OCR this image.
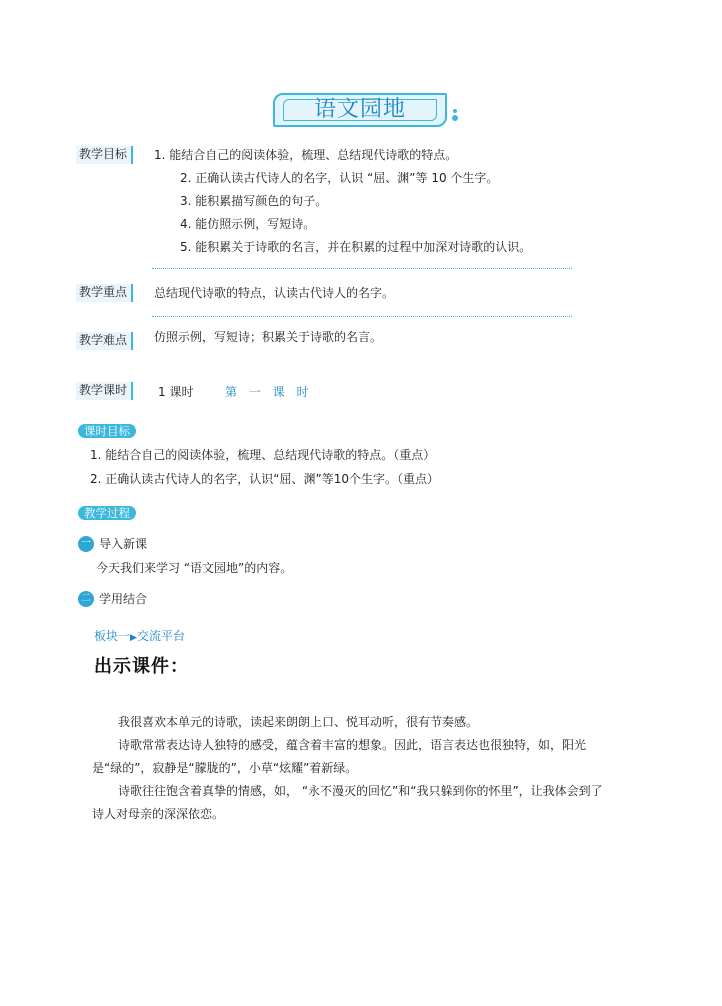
语文园地
教学目标	1. 能结合自己的阅读体验，梳理、总结现代诗歌的特点。
2. 正确认读古代诗人的名字，认识 “屈、渊”等 10 个生字。
3. 能积累描写颜色的句子。
4. 能仿照示例，写短诗。
5. 能积累关于诗歌的名言，并在积累的过程中加深对诗歌的认识。
教学重点	总结现代诗歌的特点，认读古代诗人的名字。
教学难点	仿照示例，写短诗；积累关于诗歌的名言。
教学课时	1 课时	第 一 课 时
课时目标
1. 能结合自己的阅读体验，梳理、总结现代诗歌的特点。（重点）
2. 正确认读古代诗人的名字，认识“屈、渊”等10个生字。（重点）
教学过程
一 导入新课
今天我们来学习 “语文园地”的内容。
二 学用结合
板块一▶交流平台
出示课件：
我很喜欢本单元的诗歌，读起来朗朗上口、悦耳动听，很有节奏感。
诗歌常常表达诗人独特的感受，蕴含着丰富的想象。因此，语言表达也很独特，如，阳光
是“绿的”，寂静是“朦胧的”，小草“炫耀”着新绿。
诗歌往往饱含着真挚的情感，如， “永不漫灭的回忆”和“我只躲到你的怀里”，让我体会到了
诗人对母亲的深深依恋。
